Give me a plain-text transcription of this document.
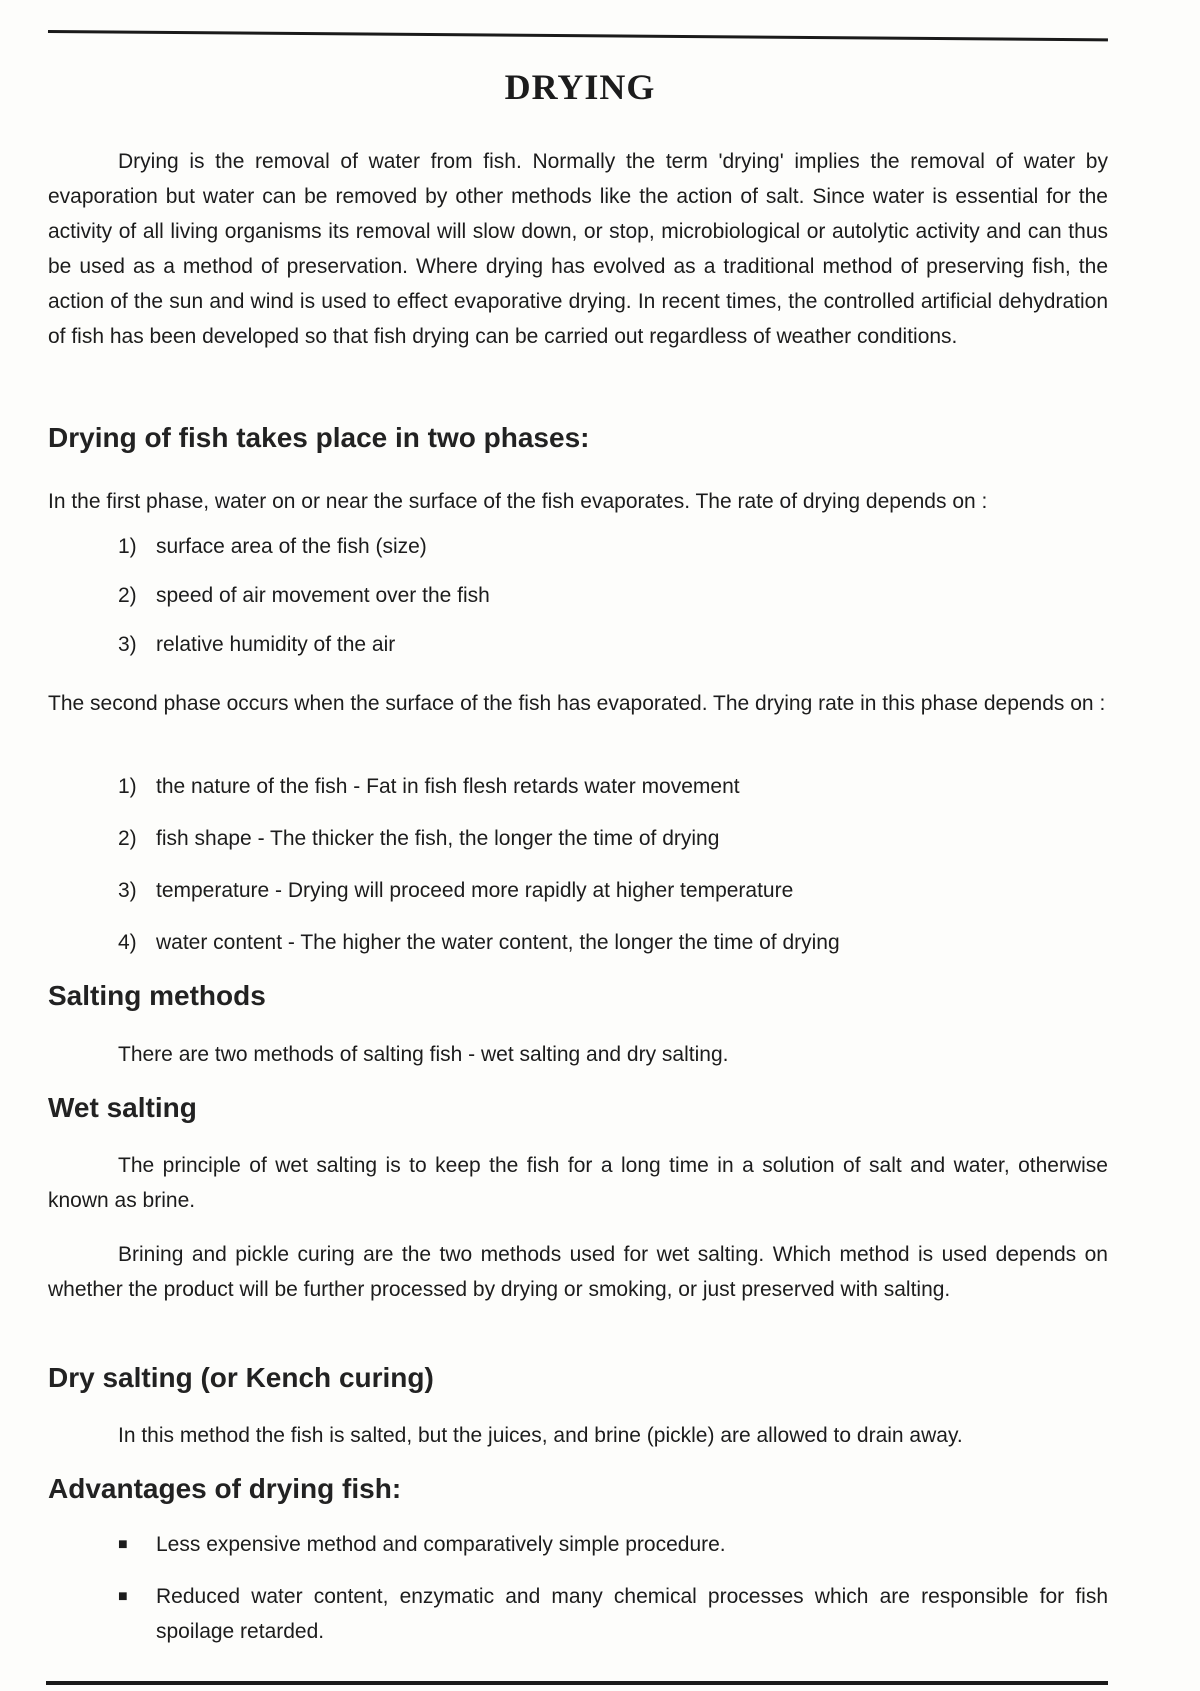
DRYING

Drying is the removal of water from fish. Normally the term 'drying' implies the removal of water by evaporation but water can be removed by other methods like the action of salt. Since water is essential for the activity of all living organisms its removal will slow down, or stop, microbiological or autolytic activity and can thus be used as a method of preservation. Where drying has evolved as a traditional method of preserving fish, the action of the sun and wind is used to effect evaporative drying. In recent times, the controlled artificial dehydration of fish has been developed so that fish drying can be carried out regardless of weather conditions.

Drying of fish takes place in two phases:

In the first phase, water on or near the surface of the fish evaporates. The rate of drying depends on :

1) surface area of the fish (size)
2) speed of air movement over the fish
3) relative humidity of the air

The second phase occurs when the surface of the fish has evaporated. The drying rate in this phase depends on :

1) the nature of the fish - Fat in fish flesh retards water movement
2) fish shape - The thicker the fish, the longer the time of drying
3) temperature - Drying will proceed more rapidly at higher temperature
4) water content - The higher the water content, the longer the time of drying
Salting methods

There are two methods of salting fish - wet salting and dry salting.

Wet salting

The principle of wet salting is to keep the fish for a long time in a solution of salt and water, otherwise known as brine.

Brining and pickle curing are the two methods used for wet salting. Which method is used depends on whether the product will be further processed by drying or smoking, or just preserved with salting.

Dry salting (or Kench curing)

In this method the fish is salted, but the juices, and brine (pickle) are allowed to drain away.

Advantages of drying fish:
■	Less expensive method and comparatively simple procedure.
■	Reduced water content, enzymatic and many chemical processes which are responsible for fish spoilage retarded.
